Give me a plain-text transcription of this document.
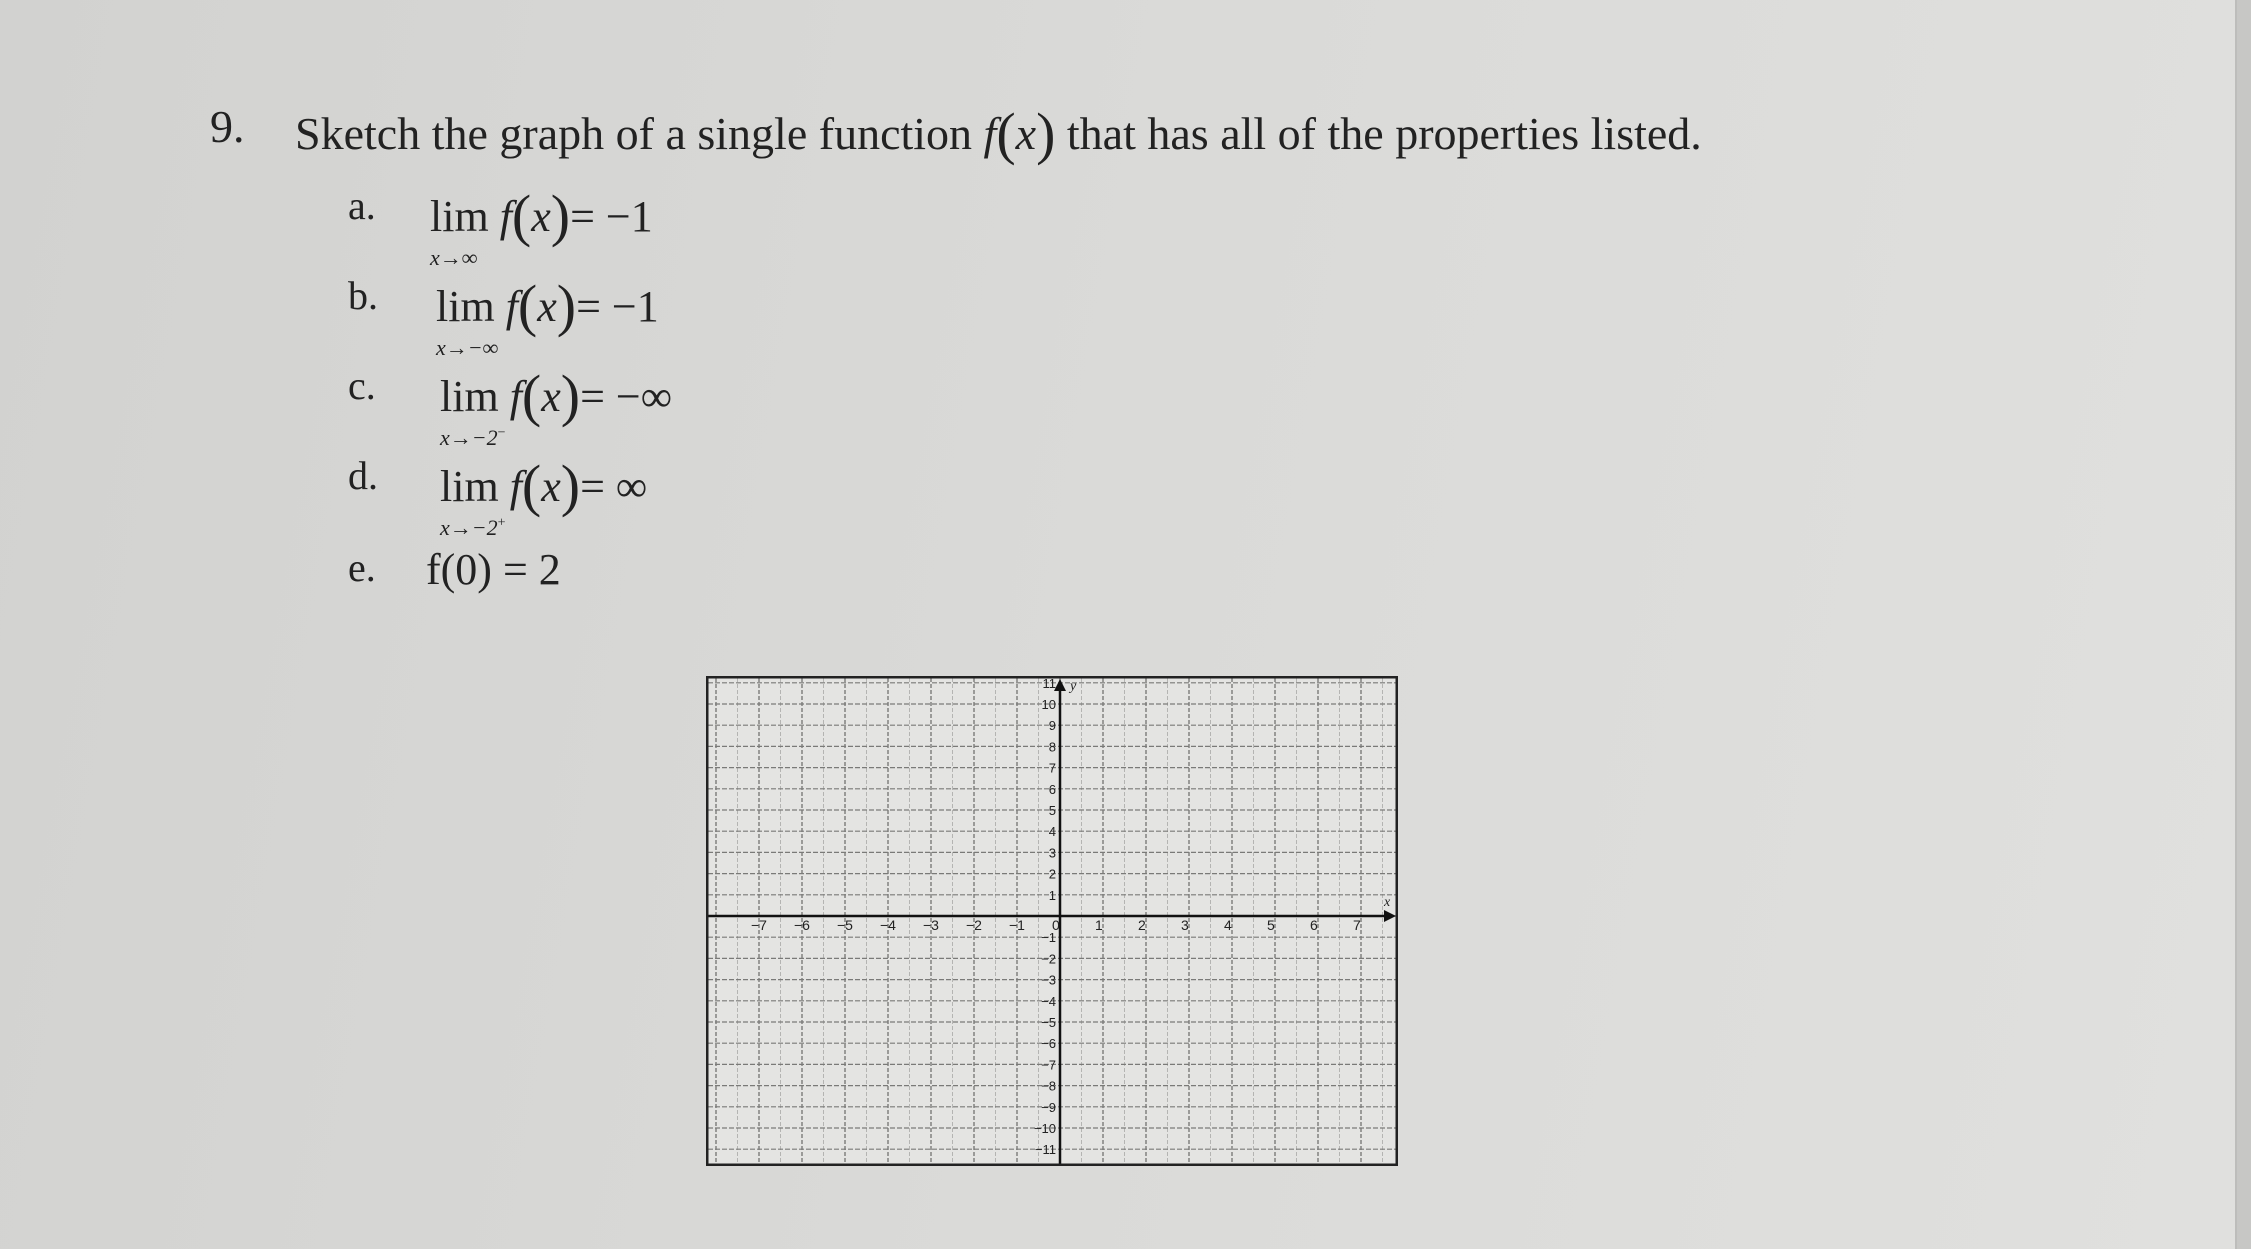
9. Sketch the graph of a single function f(x) that has all of the properties listed.
a. lim
x→∞
f(x)= −1
b. lim
x→−∞
f(x)= −1
c. lim
x→−2−
f(x)= −∞
d. lim
x→−2+
f(x)= ∞
e. f(0) = 2
x
y
−7 −6 −5 −4 −3 −2 −1 0	1	2	3	4	5	6	7
1
2
3
4
5
6
7
8
9
10
11
−1
−2
−3
−4
−5
−6
−7
−8
−9
−10
−11
